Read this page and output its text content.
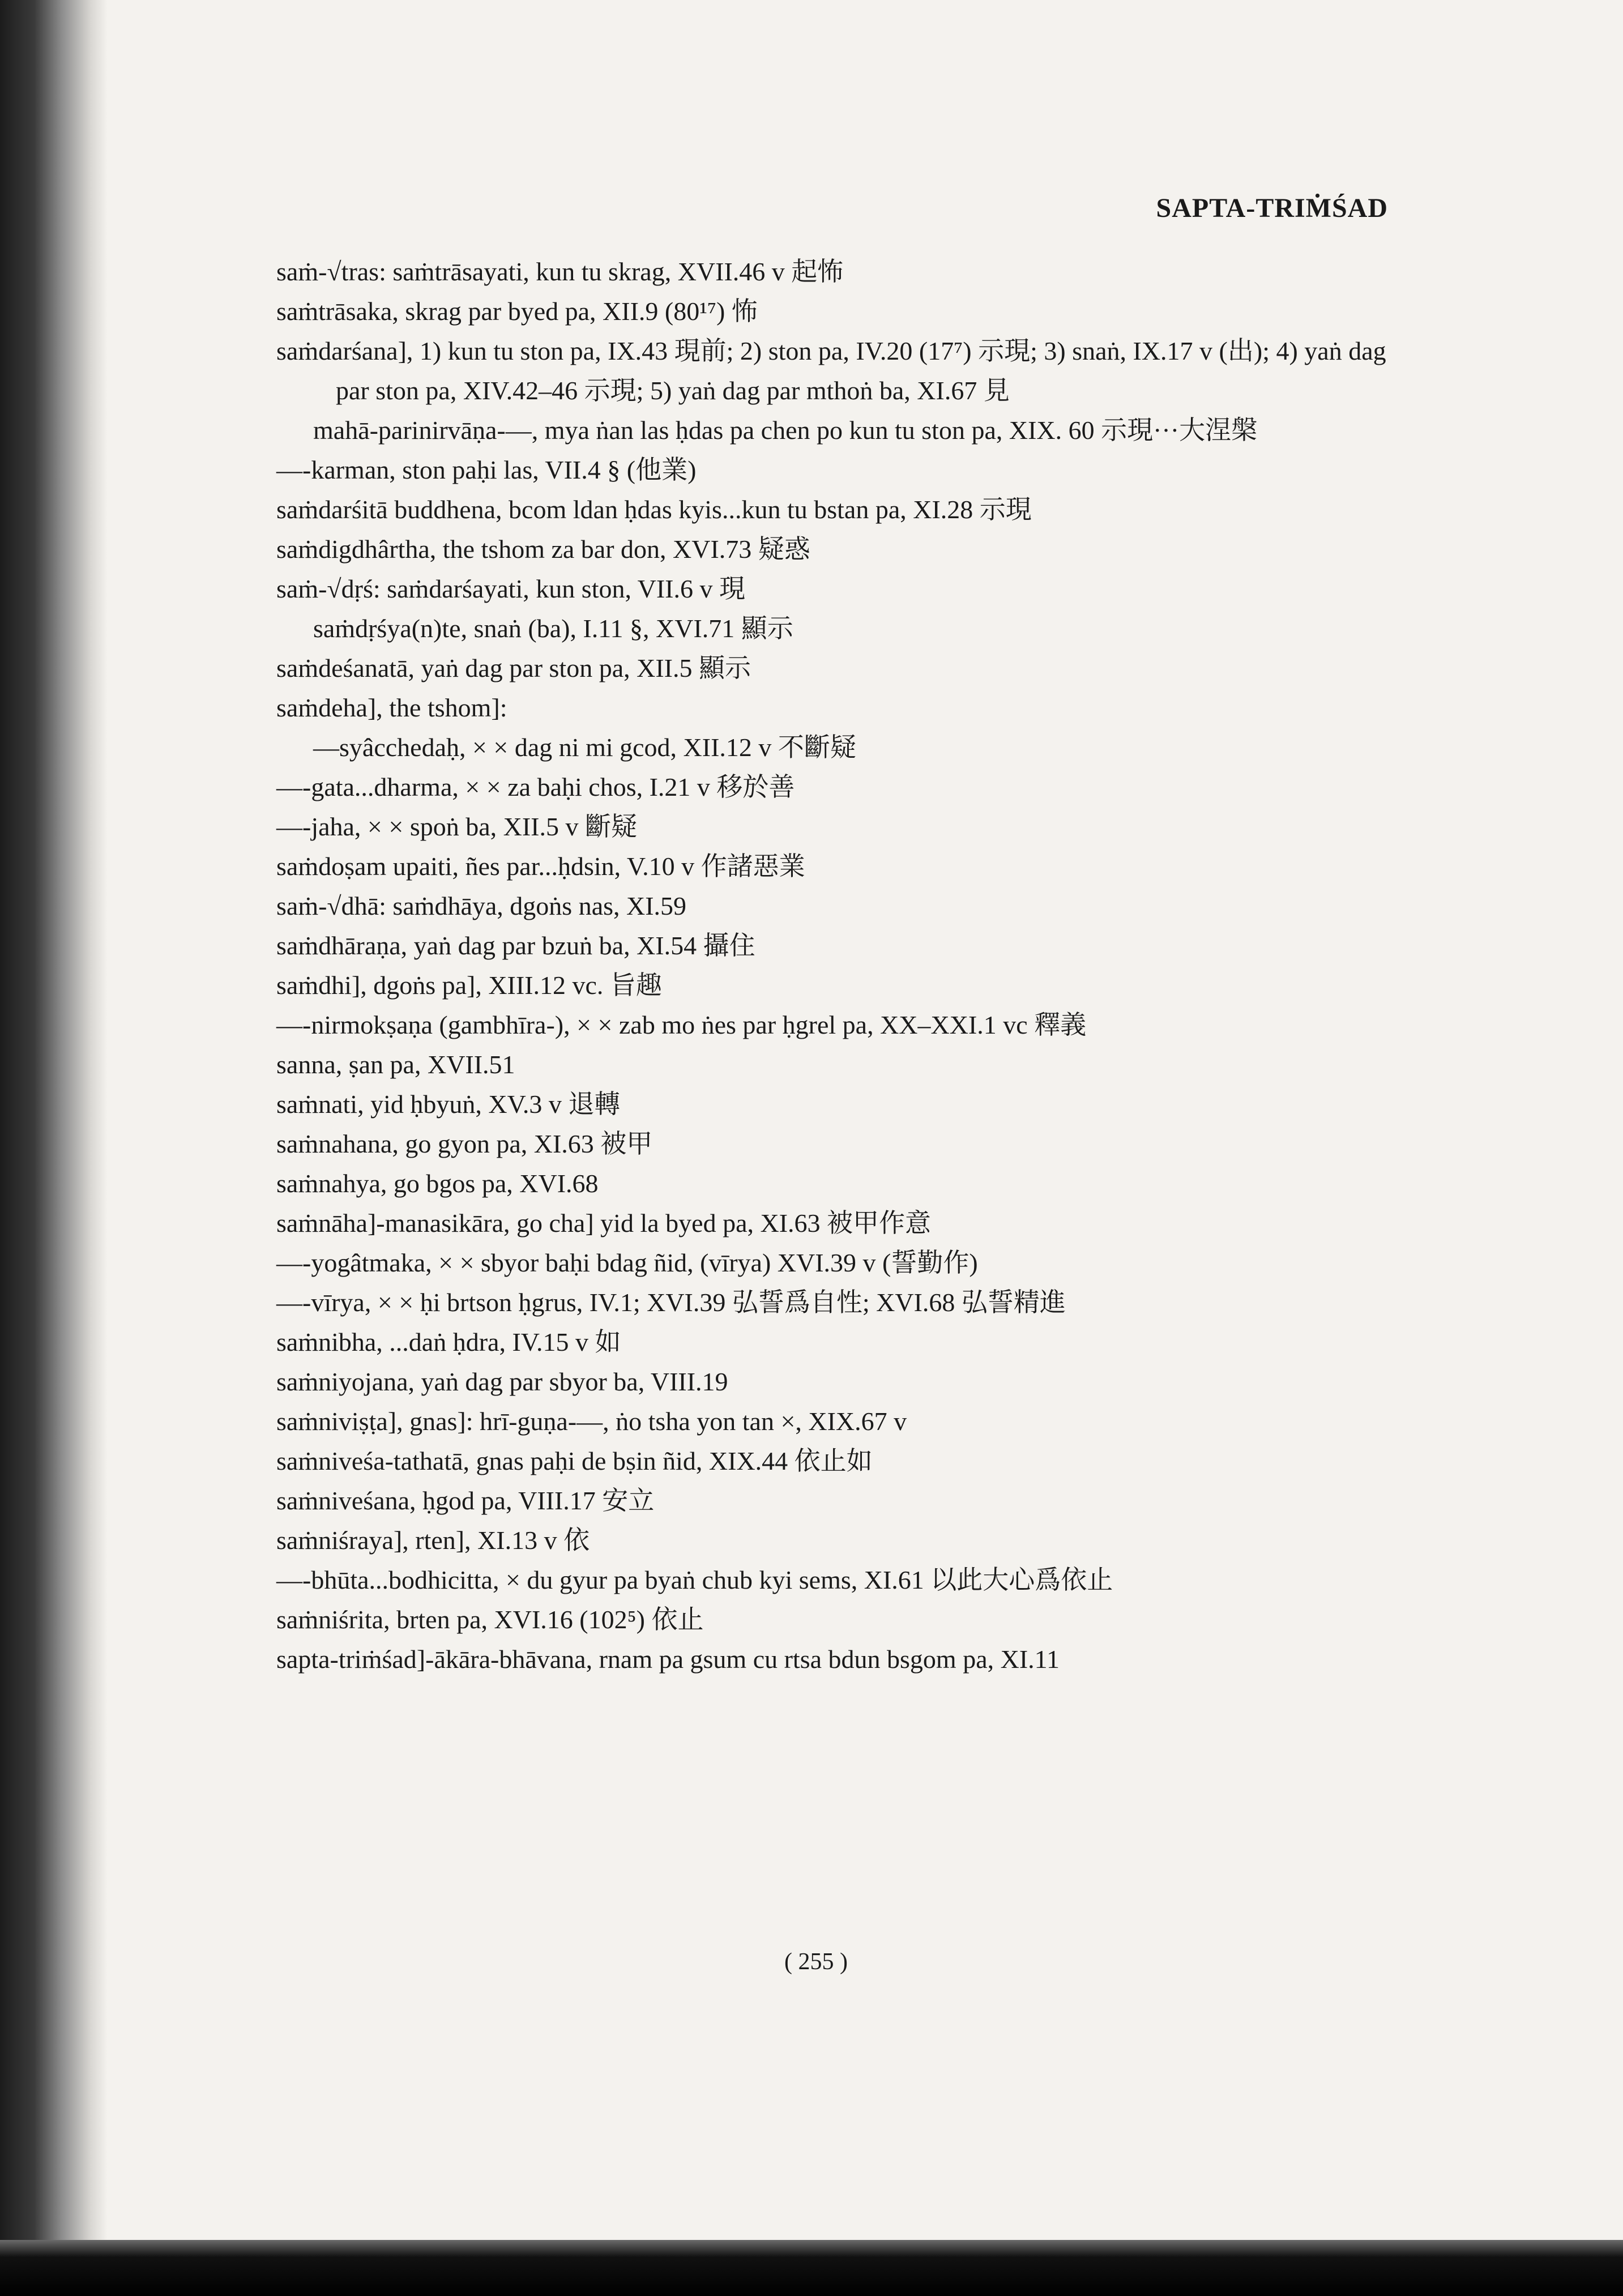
SAPTA-TRIṀŚAD

saṁ-√tras: saṁtrāsayati, kun tu skrag, XVII.46 v 起怖

saṁtrāsaka, skrag par byed pa, XII.9 (80¹⁷) 怖

saṁdarśana], 1) kun tu ston pa, IX.43 現前; 2) ston pa, IV.20 (17⁷) 示現; 3) snaṅ, IX.17 v (出); 4) yaṅ dag par ston pa, XIV.42–46 示現; 5) yaṅ dag par mthoṅ ba, XI.67 見

mahā-parinirvāṇa-—, mya ṅan las ḥdas pa chen po kun tu ston pa, XIX. 60 示現···大涅槃

—-karman, ston paḥi las, VII.4 § (他業)

saṁdarśitā buddhena, bcom ldan ḥdas kyis...kun tu bstan pa, XI.28 示現

saṁdigdhârtha, the tshom za bar don, XVI.73 疑惑

saṁ-√dṛś: saṁdarśayati, kun ston, VII.6 v 現

saṁdṛśya(n)te, snaṅ (ba), I.11 §, XVI.71 顯示

saṁdeśanatā, yaṅ dag par ston pa, XII.5 顯示

saṁdeha], the tshom]:

—syâcchedaḥ, × × dag ni mi gcod, XII.12 v 不斷疑

—-gata...dharma, × × za baḥi chos, I.21 v 移於善

—-jaha, × × spoṅ ba, XII.5 v 斷疑

saṁdoṣam upaiti, ñes par...ḥdsin, V.10 v 作諸惡業

saṁ-√dhā: saṁdhāya, dgoṅs nas, XI.59

saṁdhāraṇa, yaṅ dag par bzuṅ ba, XI.54 攝住

saṁdhi], dgoṅs pa], XIII.12 vc. 旨趣

—-nirmokṣaṇa (gambhīra-), × × zab mo ṅes par ḥgrel pa, XX–XXI.1 vc 釋義

sanna, ṣan pa, XVII.51

saṁnati, yid ḥbyuṅ, XV.3 v 退轉

saṁnahana, go gyon pa, XI.63 被甲

saṁnahya, go bgos pa, XVI.68

saṁnāha]-manasikāra, go cha] yid la byed pa, XI.63 被甲作意

—-yogâtmaka, × × sbyor baḥi bdag ñid, (vīrya) XVI.39 v (誓勤作)

—-vīrya, × × ḥi brtson ḥgrus, IV.1; XVI.39 弘誓爲自性; XVI.68 弘誓精進

saṁnibha, ...daṅ ḥdra, IV.15 v 如

saṁniyojana, yaṅ dag par sbyor ba, VIII.19

saṁniviṣṭa], gnas]: hrī-guṇa-—, ṅo tsha yon tan ×, XIX.67 v

saṁniveśa-tathatā, gnas paḥi de bṣin ñid, XIX.44 依止如

saṁniveśana, ḥgod pa, VIII.17 安立

saṁniśraya], rten], XI.13 v 依

—-bhūta...bodhicitta, × du gyur pa byaṅ chub kyi sems, XI.61 以此大心爲依止

saṁniśrita, brten pa, XVI.16 (102⁵) 依止

sapta-triṁśad]-ākāra-bhāvana, rnam pa gsum cu rtsa bdun bsgom pa, XI.11

( 255 )
